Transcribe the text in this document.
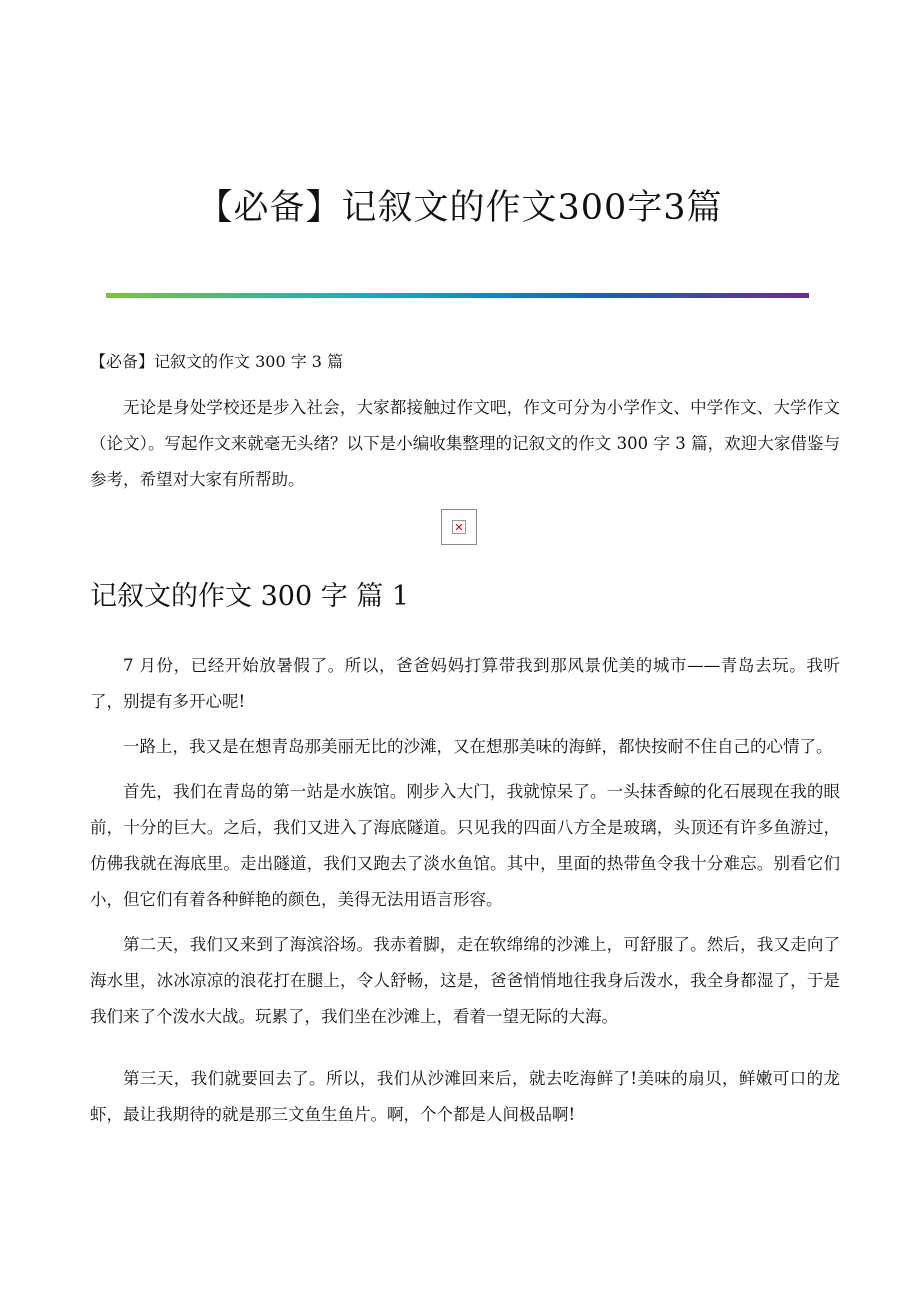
【必备】记叙文的作文300字3篇
【必备】记叙文的作文 300 字 3 篇

无论是身处学校还是步入社会，大家都接触过作文吧，作文可分为小学作文、中学作文、大学作文（论文）。写起作文来就毫无头绪？以下是小编收集整理的记叙文的作文 300 字 3 篇，欢迎大家借鉴与参考，希望对大家有所帮助。

✕
记叙文的作文 300 字 篇 1

7 月份，已经开始放暑假了。所以，爸爸妈妈打算带我到那风景优美的城市——青岛去玩。我听了，别提有多开心呢!

一路上，我又是在想青岛那美丽无比的沙滩，又在想那美味的海鲜，都快按耐不住自己的心情了。

首先，我们在青岛的第一站是水族馆。刚步入大门，我就惊呆了。一头抹香鲸的化石展现在我的眼前，十分的巨大。之后，我们又进入了海底隧道。只见我的四面八方全是玻璃，头顶还有许多鱼游过，仿佛我就在海底里。走出隧道，我们又跑去了淡水鱼馆。其中，里面的热带鱼令我十分难忘。别看它们小，但它们有着各种鲜艳的颜色，美得无法用语言形容。

第二天，我们又来到了海滨浴场。我赤着脚，走在软绵绵的沙滩上，可舒服了。然后，我又走向了海水里，冰冰凉凉的浪花打在腿上，令人舒畅，这是，爸爸悄悄地往我身后泼水，我全身都湿了，于是我们来了个泼水大战。玩累了，我们坐在沙滩上，看着一望无际的大海。

第三天，我们就要回去了。所以，我们从沙滩回来后，就去吃海鲜了!美味的扇贝，鲜嫩可口的龙虾，最让我期待的就是那三文鱼生鱼片。啊，个个都是人间极品啊!
